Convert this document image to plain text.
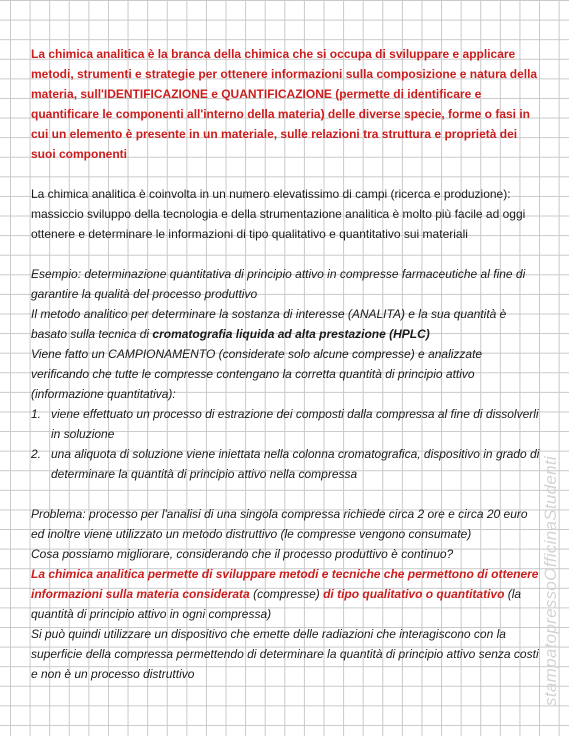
La chimica analitica è la branca della chimica che si occupa di sviluppare e applicare metodi, strumenti e strategie per ottenere informazioni sulla composizione e natura della materia, sull'IDENTIFICAZIONE e QUANTIFICAZIONE (permette di identificare e quantificare le componenti all'interno della materia) delle diverse specie, forme o fasi in cui un elemento è presente in un materiale, sulle relazioni tra struttura e proprietà dei suoi componenti

La chimica analitica è coinvolta in un numero elevatissimo di campi (ricerca e produzione): massiccio sviluppo della tecnologia e della strumentazione analitica è molto più facile ad oggi ottenere e determinare le informazioni di tipo qualitativo e quantitativo sui materiali

Esempio: determinazione quantitativa di principio attivo in compresse farmaceutiche al fine di garantire la qualità del processo produttivo

Il metodo analitico per determinare la sostanza di interesse (ANALITA) e la sua quantità è basato sulla tecnica di cromatografia liquida ad alta prestazione (HPLC)

Viene fatto un CAMPIONAMENTO (considerate solo alcune compresse) e analizzate verificando che tutte le compresse contengano la corretta quantità di principio attivo (informazione quantitativa):

1. viene effettuato un processo di estrazione dei composti dalla compressa al fine di dissolverli in soluzione
2. una aliquota di soluzione viene iniettata nella colonna cromatografica, dispositivo in grado di determinare la quantità di principio attivo nella compressa

Problema: processo per l'analisi di una singola compressa richiede circa 2 ore e circa 20 euro ed inoltre viene utilizzato un metodo distruttivo (le compresse vengono consumate)

Cosa possiamo migliorare, considerando che il processo produttivo è continuo?

La chimica analitica permette di sviluppare metodi e tecniche che permettono di ottenere informazioni sulla materia considerata (compresse) di tipo qualitativo o quantitativo (la quantità di principio attivo in ogni compressa)

Si può quindi utilizzare un dispositivo che emette delle radiazioni che interagiscono con la superficie della compressa permettendo di determinare la quantità di principio attivo senza costi e non è un processo distruttivo	stampatopressoOfficinaStudenti
